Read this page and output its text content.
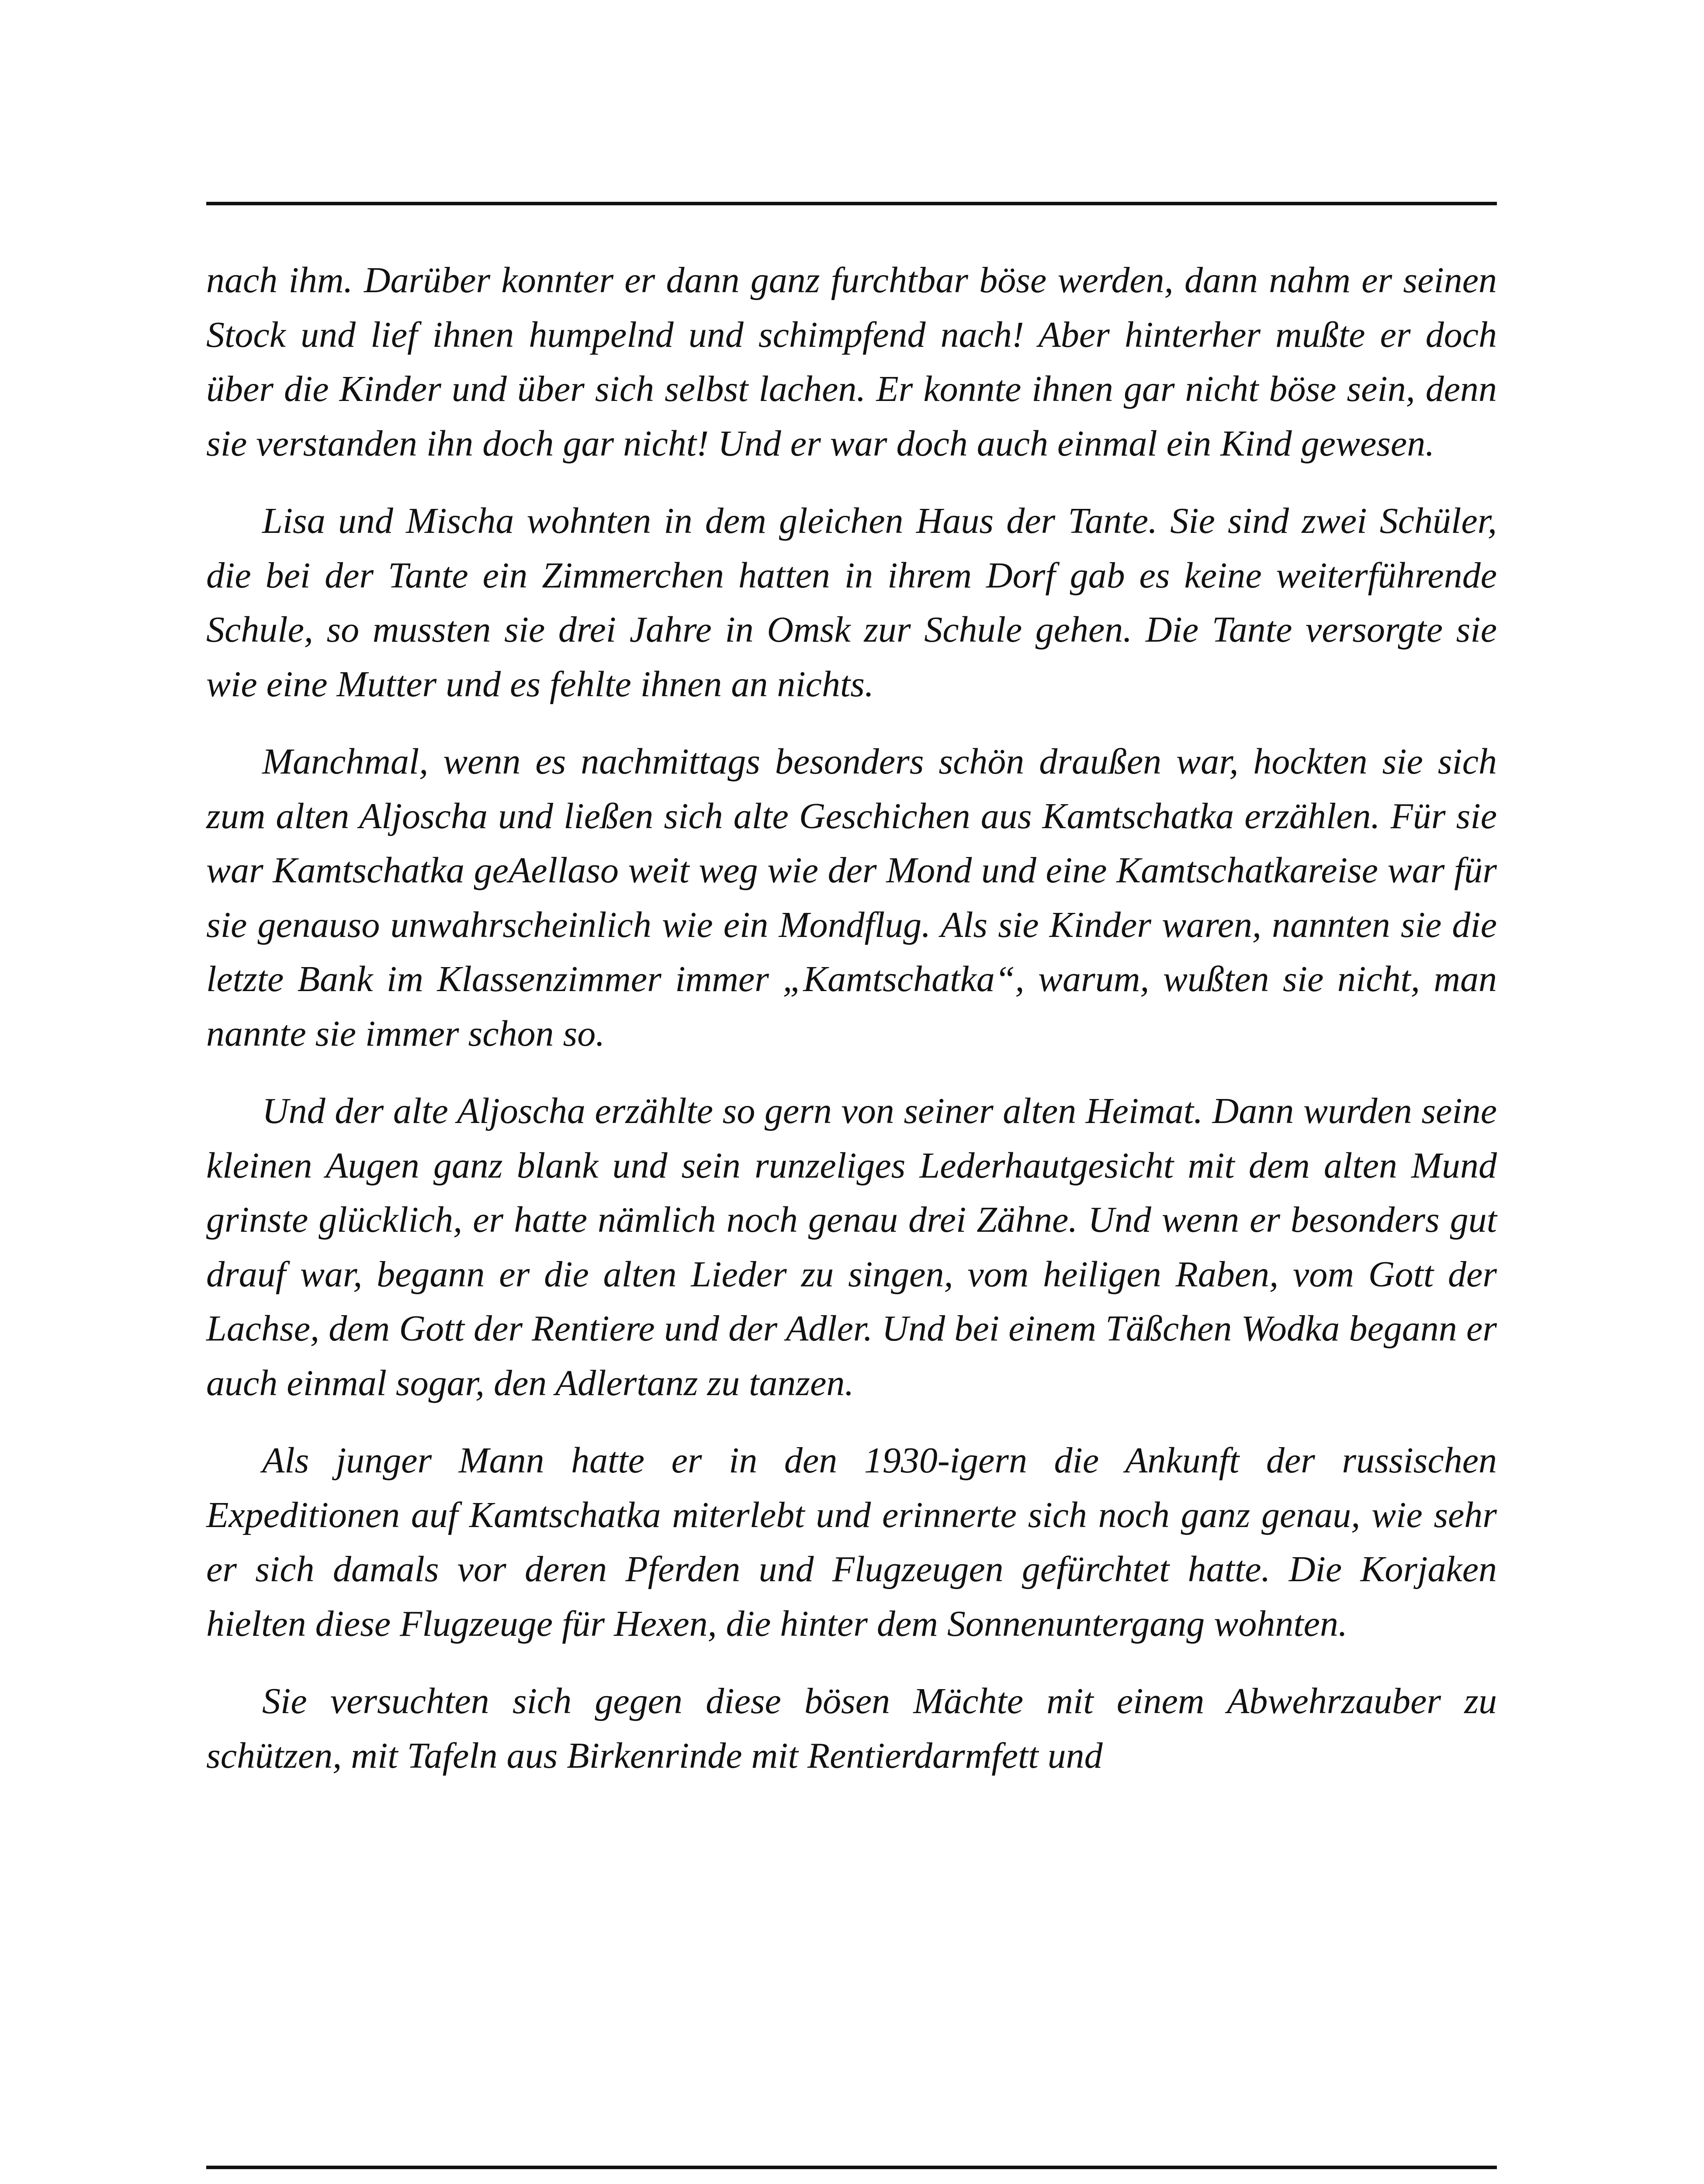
nach ihm. Darüber konnter er dann ganz furchtbar böse werden, dann nahm er seinen Stock und lief ihnen humpelnd und schimpfend nach! Aber hinterher mußte er doch über die Kinder und über sich selbst lachen. Er konnte ihnen gar nicht böse sein, denn sie verstanden ihn doch gar nicht! Und er war doch auch einmal ein Kind gewesen.

Lisa und Mischa wohnten in dem gleichen Haus der Tante. Sie sind zwei Schüler, die bei der Tante ein Zimmerchen hatten in ihrem Dorf gab es keine weiterführende Schule, so mussten sie drei Jahre in Omsk zur Schule gehen. Die Tante versorgte sie wie eine Mutter und es fehlte ihnen an nichts.

Manchmal, wenn es nachmittags besonders schön draußen war, hockten sie sich zum alten Aljoscha und ließen sich alte Geschichen aus Kamtschatka erzählen. Für sie war Kamtschatka geAellaso weit weg wie der Mond und eine Kamtschatkareise war für sie genauso unwahrscheinlich wie ein Mondflug. Als sie Kinder waren, nannten sie die letzte Bank im Klassenzimmer immer „Kamtschatka“, warum, wußten sie nicht, man nannte sie immer schon so.

Und der alte Aljoscha erzählte so gern von seiner alten Heimat. Dann wurden seine kleinen Augen ganz blank und sein runzeliges Lederhautgesicht mit dem alten Mund grinste glücklich, er hatte nämlich noch genau drei Zähne. Und wenn er besonders gut drauf war, begann er die alten Lieder zu singen, vom heiligen Raben, vom Gott der Lachse, dem Gott der Rentiere und der Adler. Und bei einem Täßchen Wodka begann er auch einmal sogar, den Adlertanz zu tanzen.

Als junger Mann hatte er in den 1930-igern die Ankunft der russischen Expeditionen auf Kamtschatka miterlebt und erinnerte sich noch ganz genau, wie sehr er sich damals vor deren Pferden und Flugzeugen gefürchtet hatte. Die Korjaken hielten diese Flugzeuge für Hexen, die hinter dem Sonnenuntergang wohnten.

Sie versuchten sich gegen diese bösen Mächte mit einem Abwehrzauber zu schützen, mit Tafeln aus Birkenrinde mit Rentierdarmfett und
